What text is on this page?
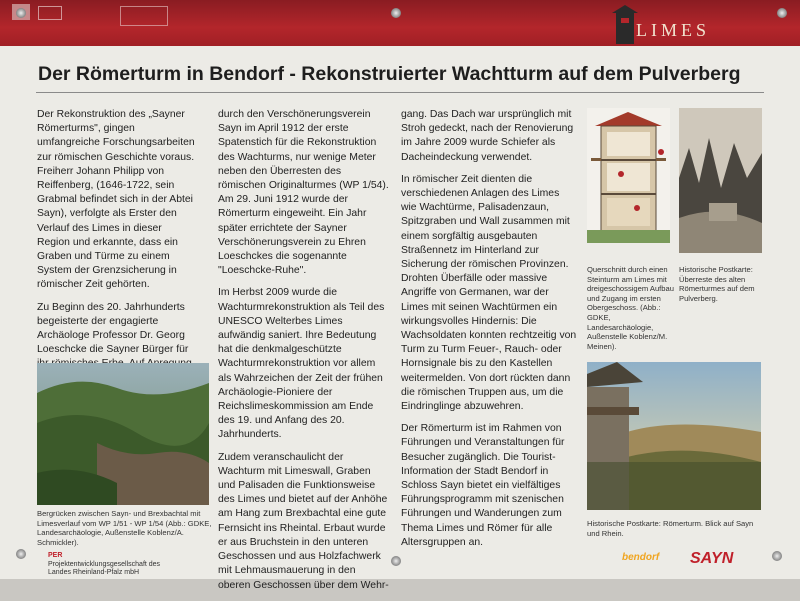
LIMES
Der Römerturm in Bendorf - Rekonstruierter Wachtturm auf dem Pulverberg

Der Rekonstruktion des „Sayner Römerturms", gingen umfangreiche Forschungsarbeiten zur römischen Geschichte voraus. Freiherr Johann Philipp von Reiffenberg, (1646-1722, sein Grabmal befindet sich in der Abtei Sayn), verfolgte als Erster den Verlauf des Limes in dieser Region und erkannte, dass ein Graben und Türme zu einem System der Grenzsicherung in römischer Zeit gehörten.

Zu Beginn des 20. Jahrhunderts begeisterte der engagierte Archäologe Professor Dr. Georg Loeschcke die Sayner Bürger für

Bergrücken zwischen Sayn- und Brexbachtal mit Limesverlauf vom WP 1/51 - WP 1/54 (Abb.: GDKE, Landesarchäologie, Außenstelle Koblenz/A. Schmickler).

durch den Verschönerungsverein Sayn im April 1912 der erste Spatenstich für die Rekonstruktion des Wachturms, nur wenige Meter neben den Überresten des römischen Originalturmes (WP 1/54). Am 29. Juni 1912 wurde der Römerturm eingeweiht. Ein Jahr später errichtete der Sayner Verschönerungsverein zu Ehren Loeschckes die sogenannte "Loeschcke-Ruhe".

Im Herbst 2009 wurde die Wachturmrekonstruktion als Teil des UNESCO Welterbes Limes aufwändig saniert. Ihre Bedeutung hat die denkmalgeschützte Wachturmrekonstruktion vor allem als Wahrzeichen der Zeit der frühen Archäologie-Pioniere der Reichslimeskommission am Ende des 19. und Anfang des 20. Jahrhunderts.

Zudem veranschaulicht der Wachturm mit Limeswall, Graben und Palisaden die Funktionsweise des Limes und bietet auf der Anhöhe am Hang zum Brexbachtal eine gute Fernsicht ins Rheintal. Erbaut wurde er aus Bruchstein in den unteren Geschossen und aus Holzfachwerk mit Lehmausmauerung in den oberen Geschossen über dem Wehr-

gang. Das Dach war ursprünglich mit Stroh gedeckt, nach der Renovierung im Jahre 2009 wurde Schiefer als Dacheindeckung verwendet.

In römischer Zeit dienten die verschiedenen Anlagen des Limes wie Wachtürme, Palisadenzaun, Spitzgraben und Wall zusammen mit einem sorgfältig ausgebauten Straßennetz im Hinterland zur Sicherung der römischen Provinzen. Drohten Überfälle oder massive Angriffe von Germanen, war der Limes mit seinen Wachtürmen ein wirkungsvolles Hindernis: Die Wachsoldaten konnten rechtzeitig von Turm zu Turm Feuer-, Rauch- oder Hornsignale bis zu den Kastellen weitermelden. Von dort rückten dann die römischen Truppen aus, um die Eindringlinge abzuwehren.

Der Römerturm ist im Rahmen von Führungen und Veranstaltungen für Besucher zugänglich. Die Tourist-Information der Stadt Bendorf in Schloss Sayn bietet ein vielfältiges Führungsprogramm mit szenischen Führungen und Wanderungen zum Thema Limes und Römer für alle Altersgruppen an.

Querschnitt durch einen Steinturm am Limes mit dreigeschossigem Aufbau und Zugang im ersten Obergeschoss. (Abb.: GDKE, Landesarchäologie, Außenstelle Koblenz/M. Meinen).
Historische Postkarte: Überreste des alten Römerturmes auf dem Pulverberg.
Historische Postkarte: Römerturm. Blick auf Sayn und Rhein.
PER
Projektentwicklungsgesellschaft des Landes Rheinland-Pfalz mbH
bendorf SAYN
